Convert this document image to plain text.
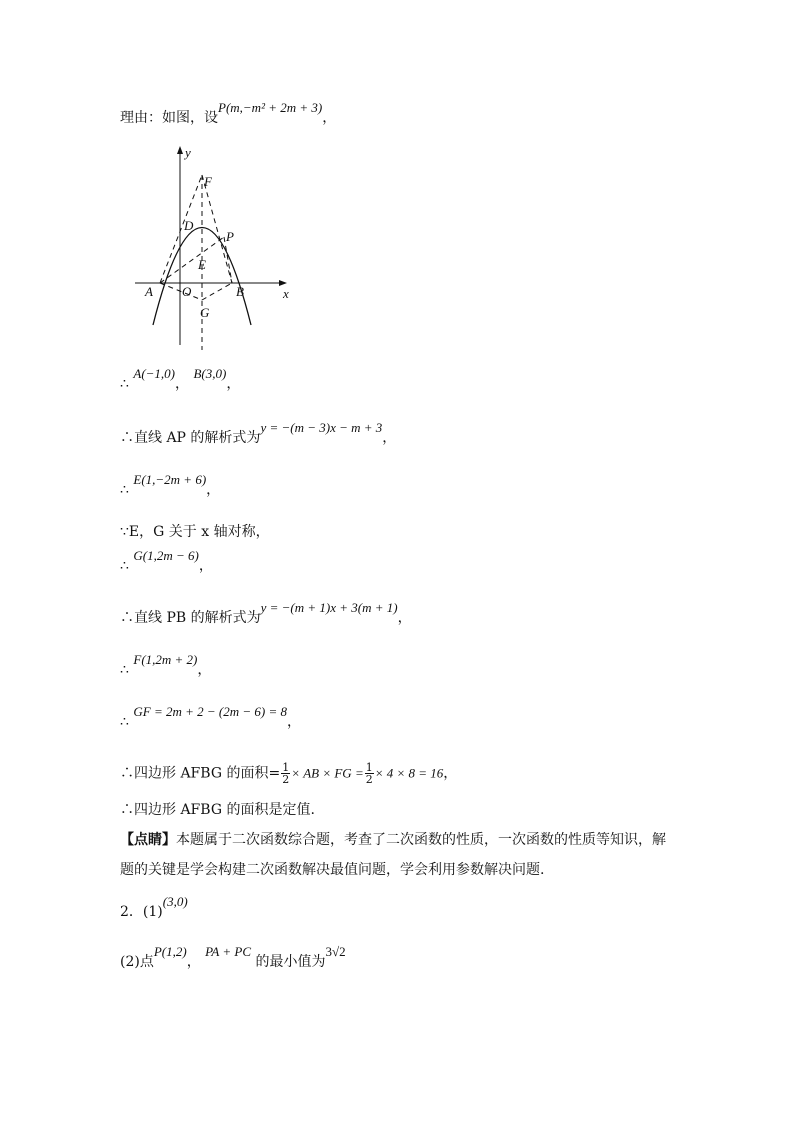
理由：如图，设P(m,−m² + 2m + 3)，
y
F
D
P
E
A O	B	x
G
∴ A(−1,0)， B(3,0)，
∴直线 AP 的解析式为y = −(m − 3)x − m + 3，
∴ E(1,−2m + 6)，
∵E，G 关于 x 轴对称，
∴ G(1,2m − 6)，
∴直线 PB 的解析式为y = −(m + 1)x + 3(m + 1)，
∴ F(1,2m + 2)，
∴ GF = 2m + 2 − (2m − 6) = 8，
∴四边形 AFBG 的面积= $\frac{1}{2}$ × AB × FG = $\frac{1}{2} \times 4 \times 8 = 16$，
∴四边形 AFBG 的面积是定值.
【点睛】本题属于二次函数综合题，考查了二次函数的性质，一次函数的性质等知识，解
题的关键是学会构建二次函数解决最值问题，学会利用参数解决问题.
2．(1)(3,0)
(2)点P(1,2)， PA + PC 的最小值为3√2
